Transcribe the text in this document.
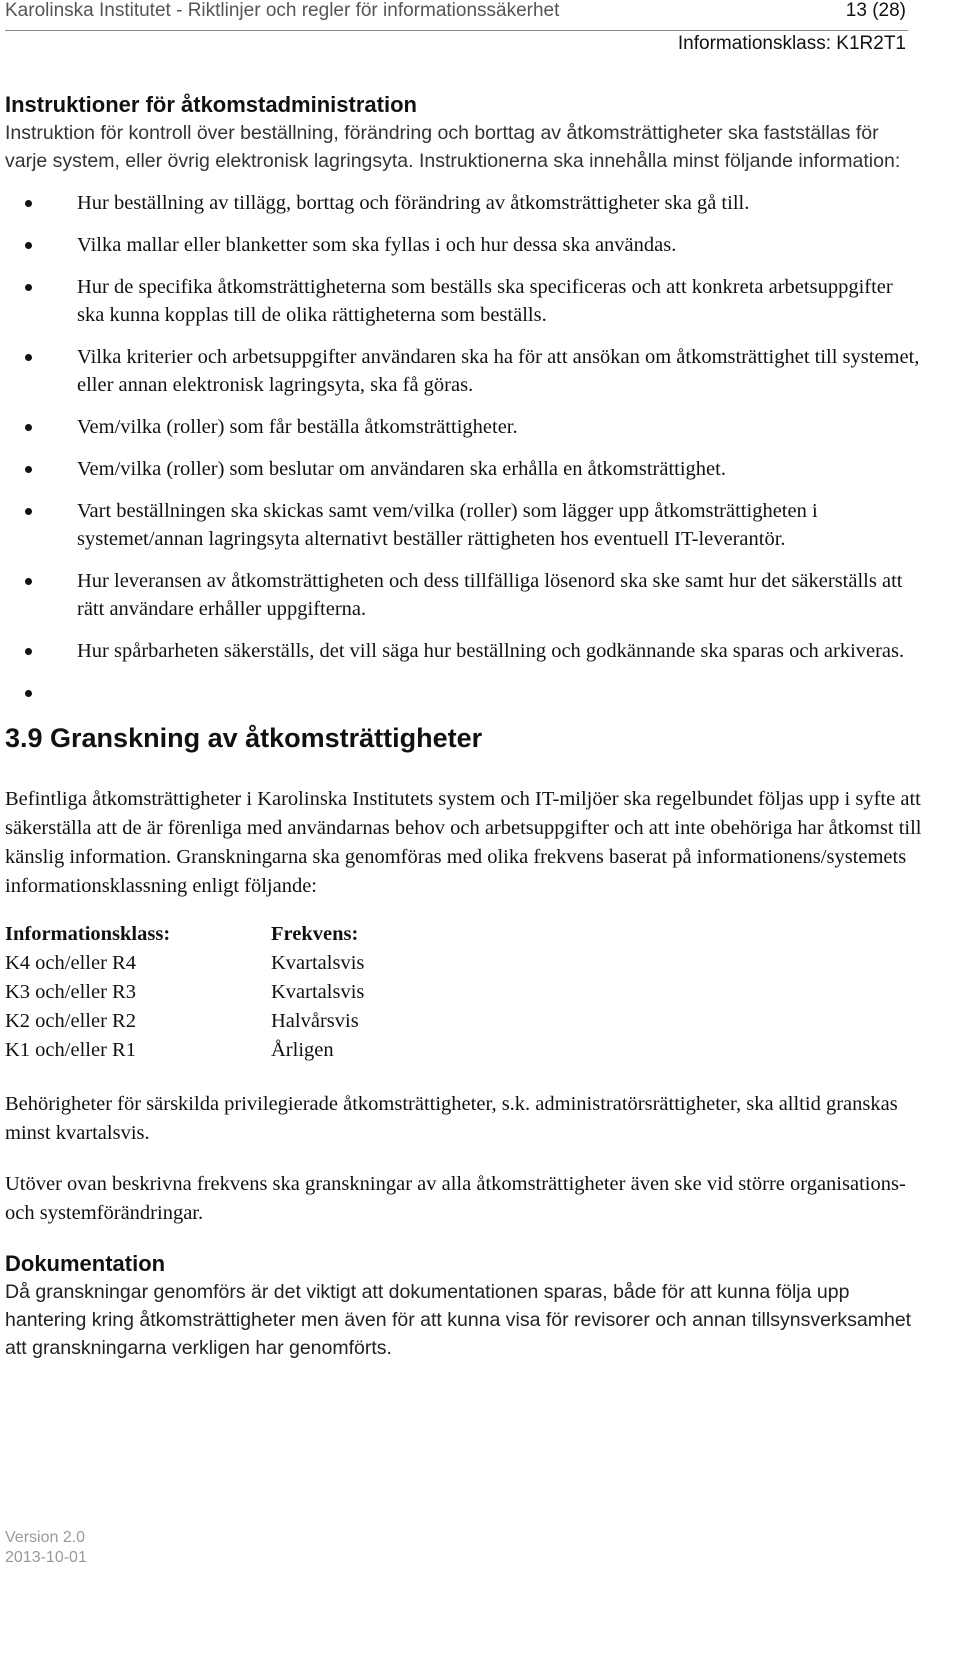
Karolinska Institutet - Riktlinjer och regler för informationssäkerhet	13 (28)
Informationsklass: K1R2T1
Instruktioner för åtkomstadministration

Instruktion för kontroll över beställning, förändring och borttag av åtkomsträttigheter ska fastställas för varje system, eller övrig elektronisk lagringsyta. Instruktionerna ska innehålla minst följande information:

Hur beställning av tillägg, borttag och förändring av åtkomsträttigheter ska gå till.
Vilka mallar eller blanketter som ska fyllas i och hur dessa ska användas.
Hur de specifika åtkomsträttigheterna som beställs ska specificeras och att konkreta arbetsuppgifter ska kunna kopplas till de olika rättigheterna som beställs.
Vilka kriterier och arbetsuppgifter användaren ska ha för att ansökan om åtkomsträttighet till systemet, eller annan elektronisk lagringsyta, ska få göras.
Vem/vilka (roller) som får beställa åtkomsträttigheter.
Vem/vilka (roller) som beslutar om användaren ska erhålla en åtkomsträttighet.
Vart beställningen ska skickas samt vem/vilka (roller) som lägger upp åtkomsträttigheten i systemet/annan lagringsyta alternativt beställer rättigheten hos eventuell IT-leverantör.
Hur leveransen av åtkomsträttigheten och dess tillfälliga lösenord ska ske samt hur det säkerställs att rätt användare erhåller uppgifterna.
Hur spårbarheten säkerställs, det vill säga hur beställning och godkännande ska sparas och arkiveras.
3.9 Granskning av åtkomsträttigheter

Befintliga åtkomsträttigheter i Karolinska Institutets system och IT-miljöer ska regelbundet följas upp i syfte att säkerställa att de är förenliga med användarnas behov och arbetsuppgifter och att inte obehöriga har åtkomst till känslig information. Granskningarna ska genomföras med olika frekvens baserat på informationens/systemets informationsklassning enligt följande:

Informationsklass:	Frekvens:
K4 och/eller R4	Kvartalsvis
K3 och/eller R3	Kvartalsvis
K2 och/eller R2	Halvårsvis
K1 och/eller R1	Årligen

Behörigheter för särskilda privilegierade åtkomsträttigheter, s.k. administratörsrättigheter, ska alltid granskas minst kvartalsvis.

Utöver ovan beskrivna frekvens ska granskningar av alla åtkomsträttigheter även ske vid större organisations- och systemförändringar.

Dokumentation

Då granskningar genomförs är det viktigt att dokumentationen sparas, både för att kunna följa upp hantering kring åtkomsträttigheter men även för att kunna visa för revisorer och annan tillsynsverksamhet att granskningarna verkligen har genomförts.

Version 2.0
2013-10-01
